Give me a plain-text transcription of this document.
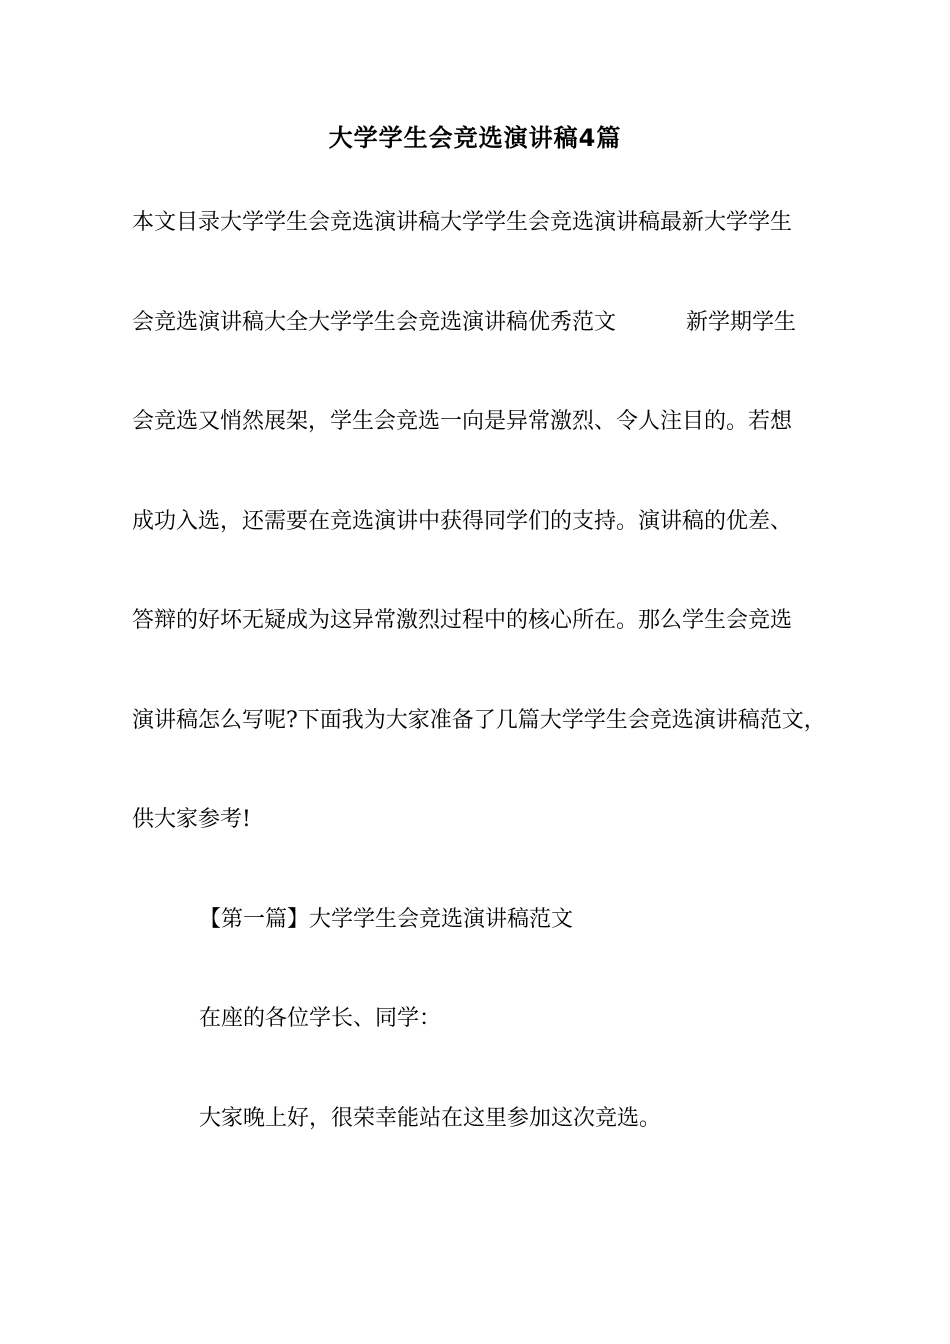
大学学生会竞选演讲稿4篇
本文目录大学学生会竞选演讲稿大学学生会竞选演讲稿最新大学学生
会竞选演讲稿大全大学学生会竞选演讲稿优秀范文	新学期学生
会竞选又悄然展架，学生会竞选一向是异常激烈、令人注目的。若想
成功入选，还需要在竞选演讲中获得同学们的支持。演讲稿的优差、
答辩的好坏无疑成为这异常激烈过程中的核心所在。那么学生会竞选
演讲稿怎么写呢?下面我为大家准备了几篇大学学生会竞选演讲稿范文，
供大家参考!
【第一篇】大学学生会竞选演讲稿范文
在座的各位学长、同学：
大家晚上好，很荣幸能站在这里参加这次竞选。
